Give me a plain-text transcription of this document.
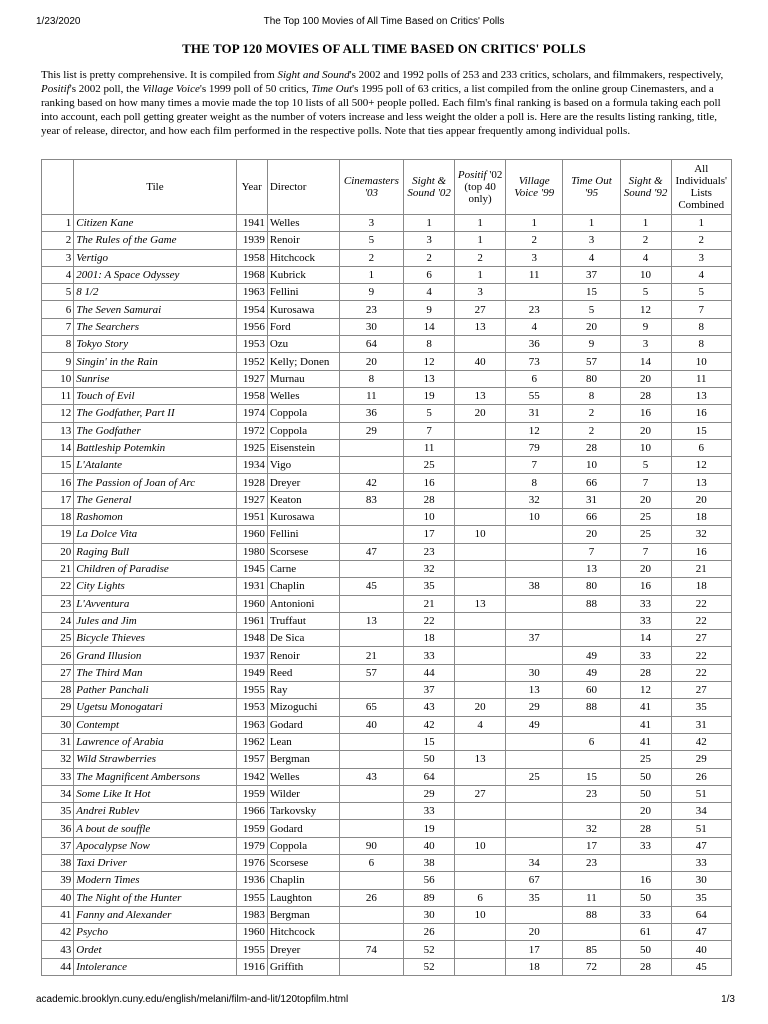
1/23/2020	The Top 100 Movies of All Time Based on Critics' Polls
THE TOP 120 MOVIES OF ALL TIME BASED ON CRITICS' POLLS

This list is pretty comprehensive. It is compiled from Sight and Sound's 2002 and 1992 polls of 253 and 233 critics, scholars, and filmmakers, respectively, Positif's 2002 poll, the Village Voice's 1999 poll of 50 critics, Time Out's 1995 poll of 63 critics, a list compiled from the online group Cinemasters, and a ranking based on how many times a movie made the top 10 lists of all 500+ people polled. Each film's final ranking is based on a formula taking each poll into account, each poll getting greater weight as the number of voters increase and less weight the older a poll is. Here are the results listing ranking, title, year of release, director, and how each film performed in the respective polls. Note that ties appear frequently among individual polls.

	Tile	Year	Director	Cinemasters '03	Sight & Sound '02	Positif '02 (top 40 only)	Village Voice '99	Time Out '95	Sight & Sound '92	All Individuals' Lists Combined
1	Citizen Kane	1941	Welles	3	1	1	1	1	1	1
2	The Rules of the Game	1939	Renoir	5	3	1	2	3	2	2
3	Vertigo	1958	Hitchcock	2	2	2	3	4	4	3
4	2001: A Space Odyssey	1968	Kubrick	1	6	1	11	37	10	4
5	8 1/2	1963	Fellini	9	4	3		15	5	5
6	The Seven Samurai	1954	Kurosawa	23	9	27	23	5	12	7
7	The Searchers	1956	Ford	30	14	13	4	20	9	8
8	Tokyo Story	1953	Ozu	64	8		36	9	3	8
9	Singin' in the Rain	1952	Kelly; Donen	20	12	40	73	57	14	10
10	Sunrise	1927	Murnau	8	13		6	80	20	11
11	Touch of Evil	1958	Welles	11	19	13	55	8	28	13
12	The Godfather, Part II	1974	Coppola	36	5	20	31	2	16	16
13	The Godfather	1972	Coppola	29	7		12	2	20	15
14	Battleship Potemkin	1925	Eisenstein		11		79	28	10	6
15	L'Atalante	1934	Vigo		25		7	10	5	12
16	The Passion of Joan of Arc	1928	Dreyer	42	16		8	66	7	13
17	The General	1927	Keaton	83	28		32	31	20	20
18	Rashomon	1951	Kurosawa		10		10	66	25	18
19	La Dolce Vita	1960	Fellini		17	10		20	25	32
20	Raging Bull	1980	Scorsese	47	23			7	7	16
21	Children of Paradise	1945	Carne		32			13	20	21
22	City Lights	1931	Chaplin	45	35		38	80	16	18
23	L'Avventura	1960	Antonioni		21	13		88	33	22
24	Jules and Jim	1961	Truffaut	13	22				33	22
25	Bicycle Thieves	1948	De Sica		18		37		14	27
26	Grand Illusion	1937	Renoir	21	33			49	33	22
27	The Third Man	1949	Reed	57	44		30	49	28	22
28	Pather Panchali	1955	Ray		37		13	60	12	27
29	Ugetsu Monogatari	1953	Mizoguchi	65	43	20	29	88	41	35
30	Contempt	1963	Godard	40	42	4	49		41	31
31	Lawrence of Arabia	1962	Lean		15			6	41	42
32	Wild Strawberries	1957	Bergman		50	13			25	29
33	The Magnificent Ambersons	1942	Welles	43	64		25	15	50	26
34	Some Like It Hot	1959	Wilder		29	27		23	50	51
35	Andrei Rublev	1966	Tarkovsky		33				20	34
36	A bout de souffle	1959	Godard		19			32	28	51
37	Apocalypse Now	1979	Coppola	90	40	10		17	33	47
38	Taxi Driver	1976	Scorsese	6	38		34	23		33
39	Modern Times	1936	Chaplin		56		67		16	30
40	The Night of the Hunter	1955	Laughton	26	89	6	35	11	50	35
41	Fanny and Alexander	1983	Bergman		30	10		88	33	64
42	Psycho	1960	Hitchcock		26		20		61	47
43	Ordet	1955	Dreyer	74	52		17	85	50	40
44	Intolerance	1916	Griffith		52		18	72	28	45
academic.brooklyn.cuny.edu/english/melani/film-and-lit/120topfilm.html	1/3
